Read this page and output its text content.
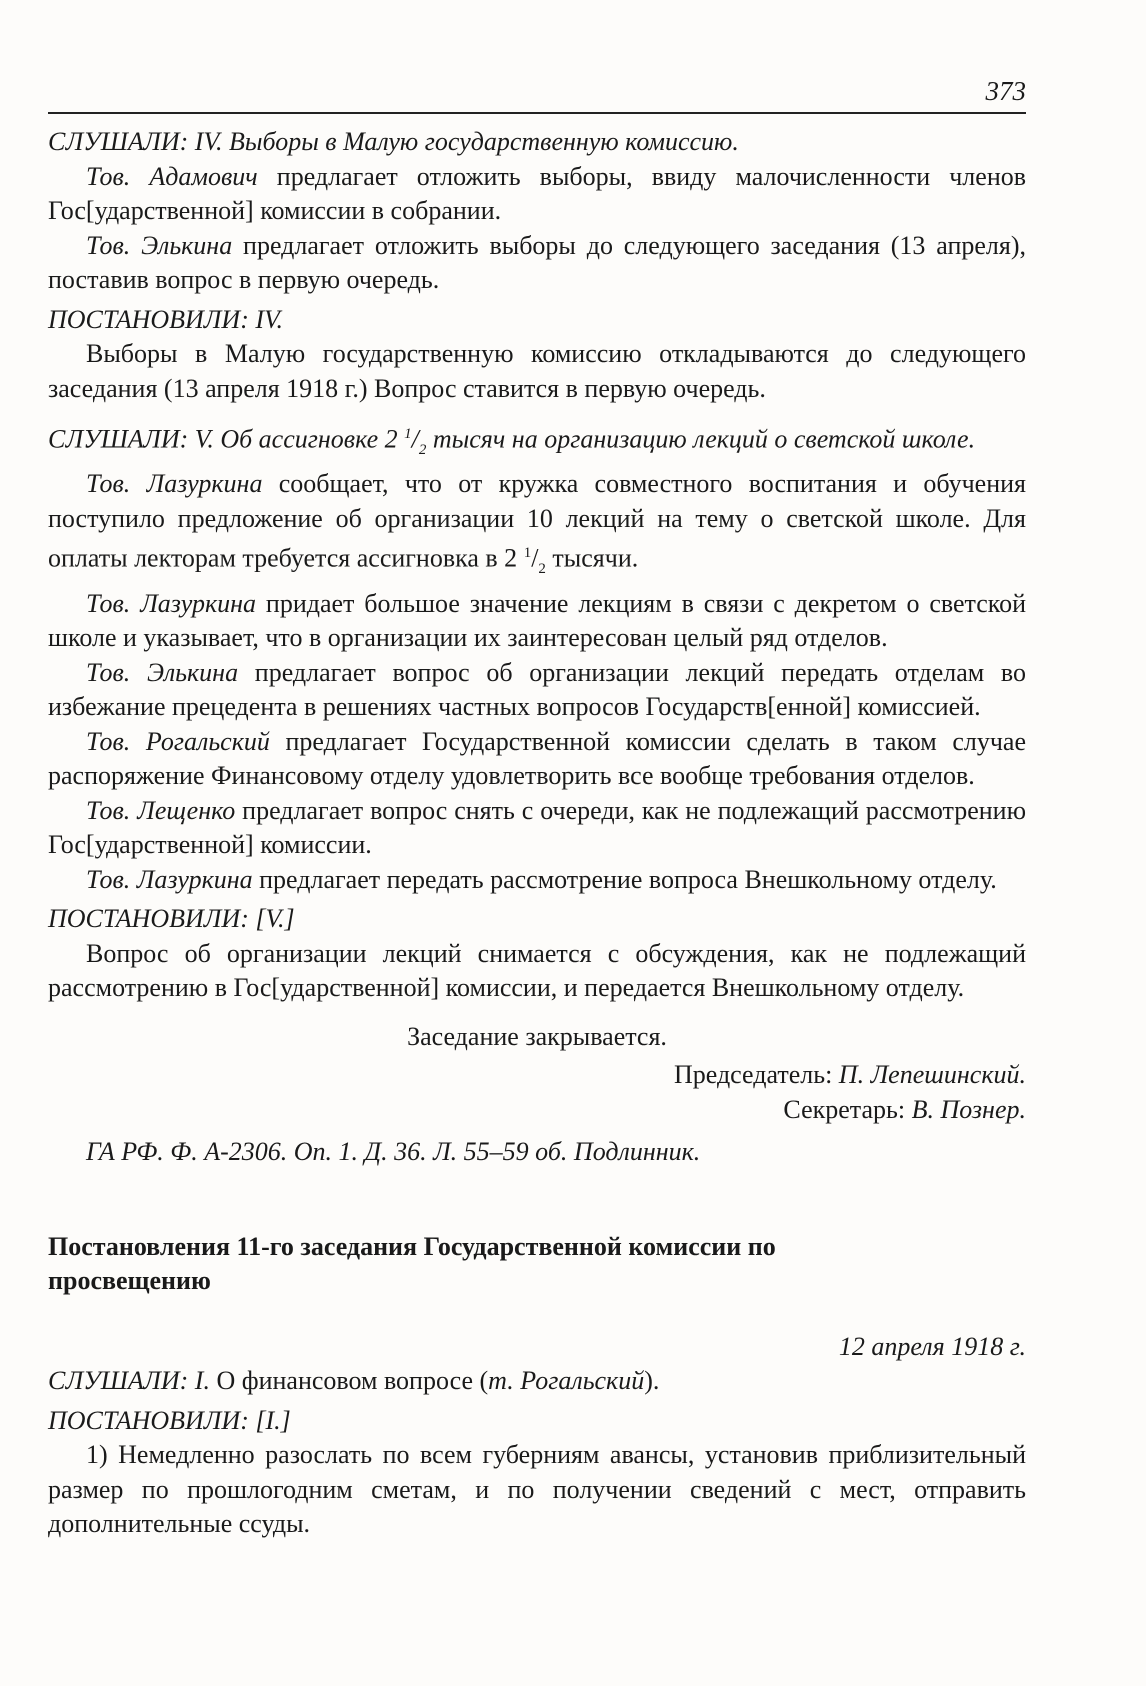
373

СЛУШАЛИ: IV. Выборы в Малую государственную комиссию.

Тов. Адамович предлагает отложить выборы, ввиду малочисленности членов Гос[ударственной] комиссии в собрании.

Тов. Элькина предлагает отложить выборы до следующего заседания (13 апреля), поставив вопрос в первую очередь.

ПОСТАНОВИЛИ: IV.

Выборы в Малую государственную комиссию откладываются до следующего заседания (13 апреля 1918 г.) Вопрос ставится в первую очередь.

СЛУШАЛИ: V. Об ассигновке 2 $^1/_2$ тысяч на организацию лекций о светской школе.

Тов. Лазуркина сообщает, что от кружка совместного воспитания и обучения поступило предложение об организации 10 лекций на тему о светской школе. Для оплаты лекторам требуется ассигновка в 2 $^1/_2$ тысячи.

Тов. Лазуркина придает большое значение лекциям в связи с декретом о светской школе и указывает, что в организации их заинтересован целый ряд отделов.

Тов. Элькина предлагает вопрос об организации лекций передать отделам во избежание прецедента в решениях частных вопросов Государств[енной] комиссией.

Тов. Рогальский предлагает Государственной комиссии сделать в таком случае распоряжение Финансовому отделу удовлетворить все вообще требования отделов.

Тов. Лещенко предлагает вопрос снять с очереди, как не подлежащий рассмотрению Гос[ударственной] комиссии.

Тов. Лазуркина предлагает передать рассмотрение вопроса Внешкольному отделу.

ПОСТАНОВИЛИ: [V.]

Вопрос об организации лекций снимается с обсуждения, как не подлежащий рассмотрению в Гос[ударственной] комиссии, и передается Внешкольному отделу.

Заседание закрывается.

Председатель: П. Лепешинский.

Секретарь: В. Познер.

ГА РФ. Ф. А-2306. Оп. 1. Д. 36. Л. 55–59 об. Подлинник.

Постановления 11-го заседания Государственной комиссии по просвещению

12 апреля 1918 г.

СЛУШАЛИ: I. О финансовом вопросе (т. Рогальский).

ПОСТАНОВИЛИ: [I.]

1) Немедленно разослать по всем губерниям авансы, установив приблизительный размер по прошлогодним сметам, и по получении сведений с мест, отправить дополнительные ссуды.
